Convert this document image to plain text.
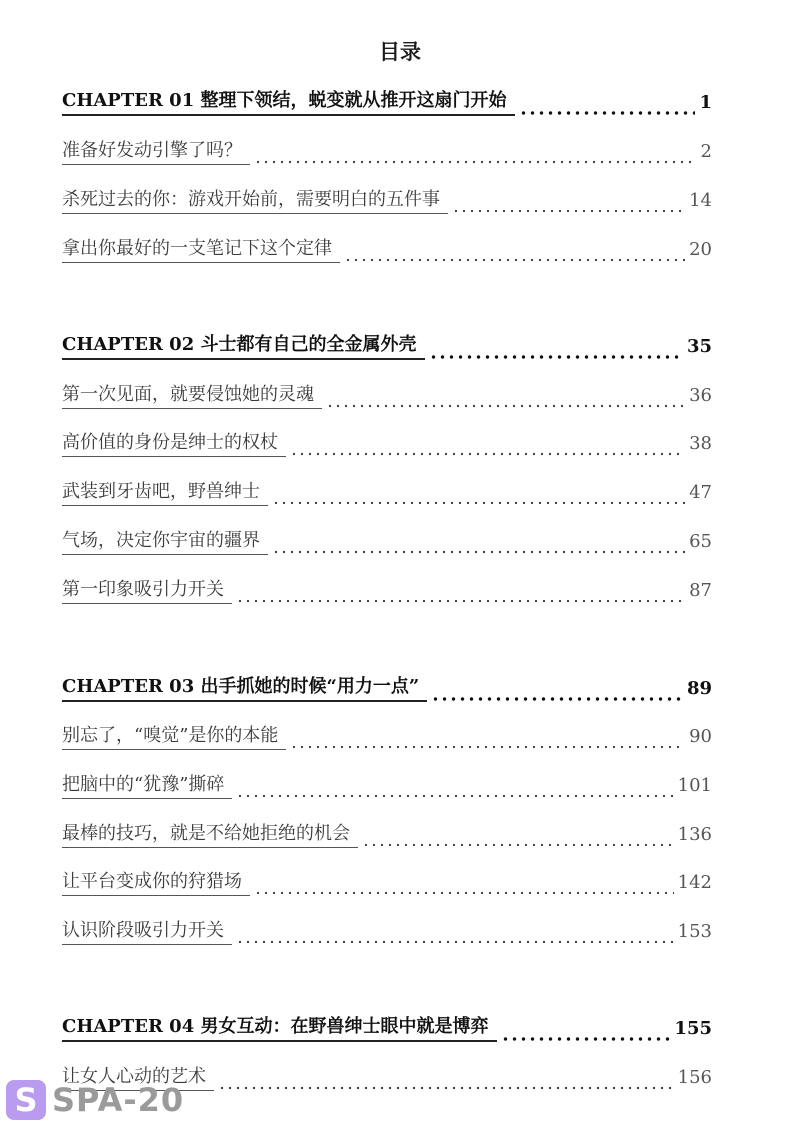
目录
CHAPTER 01 整理下领结，蜕变就从推开这扇门开始	1
准备好发动引擎了吗？	2
杀死过去的你：游戏开始前，需要明白的五件事	14
拿出你最好的一支笔记下这个定律	20
CHAPTER 02 斗士都有自己的全金属外壳	35
第一次见面，就要侵蚀她的灵魂	36
高价值的身份是绅士的权杖	38
武装到牙齿吧，野兽绅士	47
气场，决定你宇宙的疆界	65
第一印象吸引力开关	87
CHAPTER 03 出手抓她的时候“用力一点”	89
别忘了，“嗅觉”是你的本能	90
把脑中的“犹豫”撕碎	101
最棒的技巧，就是不给她拒绝的机会	136
让平台变成你的狩猎场	142
认识阶段吸引力开关	153
CHAPTER 04 男女互动：在野兽绅士眼中就是博弈	155
让女人心动的艺术	156
S SPA-20
